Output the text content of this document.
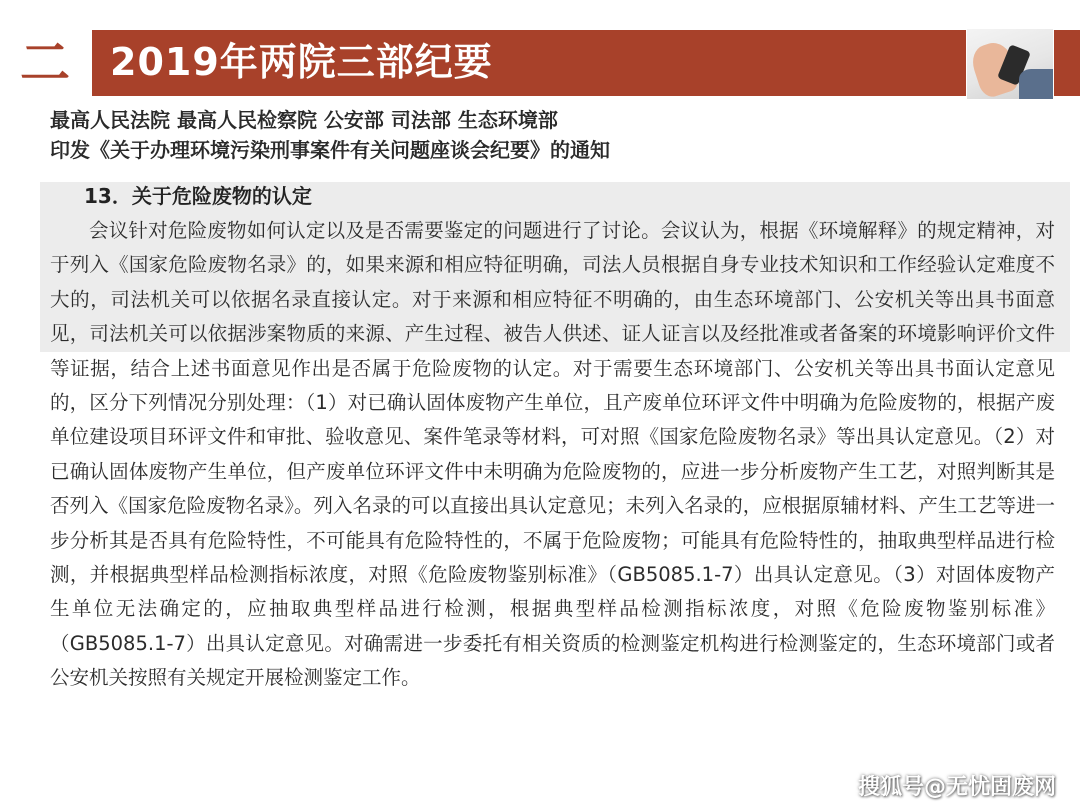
二 2019年两院三部纪要
最高人民法院 最高人民检察院 公安部 司法部 生态环境部
印发《关于办理环境污染刑事案件有关问题座谈会纪要》的通知
13．关于危险废物的认定
会议针对危险废物如何认定以及是否需要鉴定的问题进行了讨论。会议认为，根据《环境解释》的规定精神，对于列入《国家危险废物名录》的，如果来源和相应特征明确，司法人员根据自身专业技术知识和工作经验认定难度不大的，司法机关可以依据名录直接认定。对于来源和相应特征不明确的，由生态环境部门、公安机关等出具书面意见，司法机关可以依据涉案物质的来源、产生过程、被告人供述、证人证言以及经批准或者备案的环境影响评价文件等证据，结合上述书面意见作出是否属于危险废物的认定。对于需要生态环境部门、公安机关等出具书面认定意见的，区分下列情况分别处理：（1）对已确认固体废物产生单位，且产废单位环评文件中明确为危险废物的，根据产废单位建设项目环评文件和审批、验收意见、案件笔录等材料，可对照《国家危险废物名录》等出具认定意见。（2）对已确认固体废物产生单位，但产废单位环评文件中未明确为危险废物的，应进一步分析废物产生工艺，对照判断其是否列入《国家危险废物名录》。列入名录的可以直接出具认定意见；未列入名录的，应根据原辅材料、产生工艺等进一步分析其是否具有危险特性，不可能具有危险特性的，不属于危险废物；可能具有危险特性的，抽取典型样品进行检测，并根据典型样品检测指标浓度，对照《危险废物鉴别标准》（GB5085.1-7）出具认定意见。（3）对固体废物产生单位无法确定的，应抽取典型样品进行检测，根据典型样品检测指标浓度，对照《危险废物鉴别标准》（GB5085.1-7）出具认定意见。对确需进一步委托有相关资质的检测鉴定机构进行检测鉴定的，生态环境部门或者公安机关按照有关规定开展检测鉴定工作。
搜狐号@无忧固废网
